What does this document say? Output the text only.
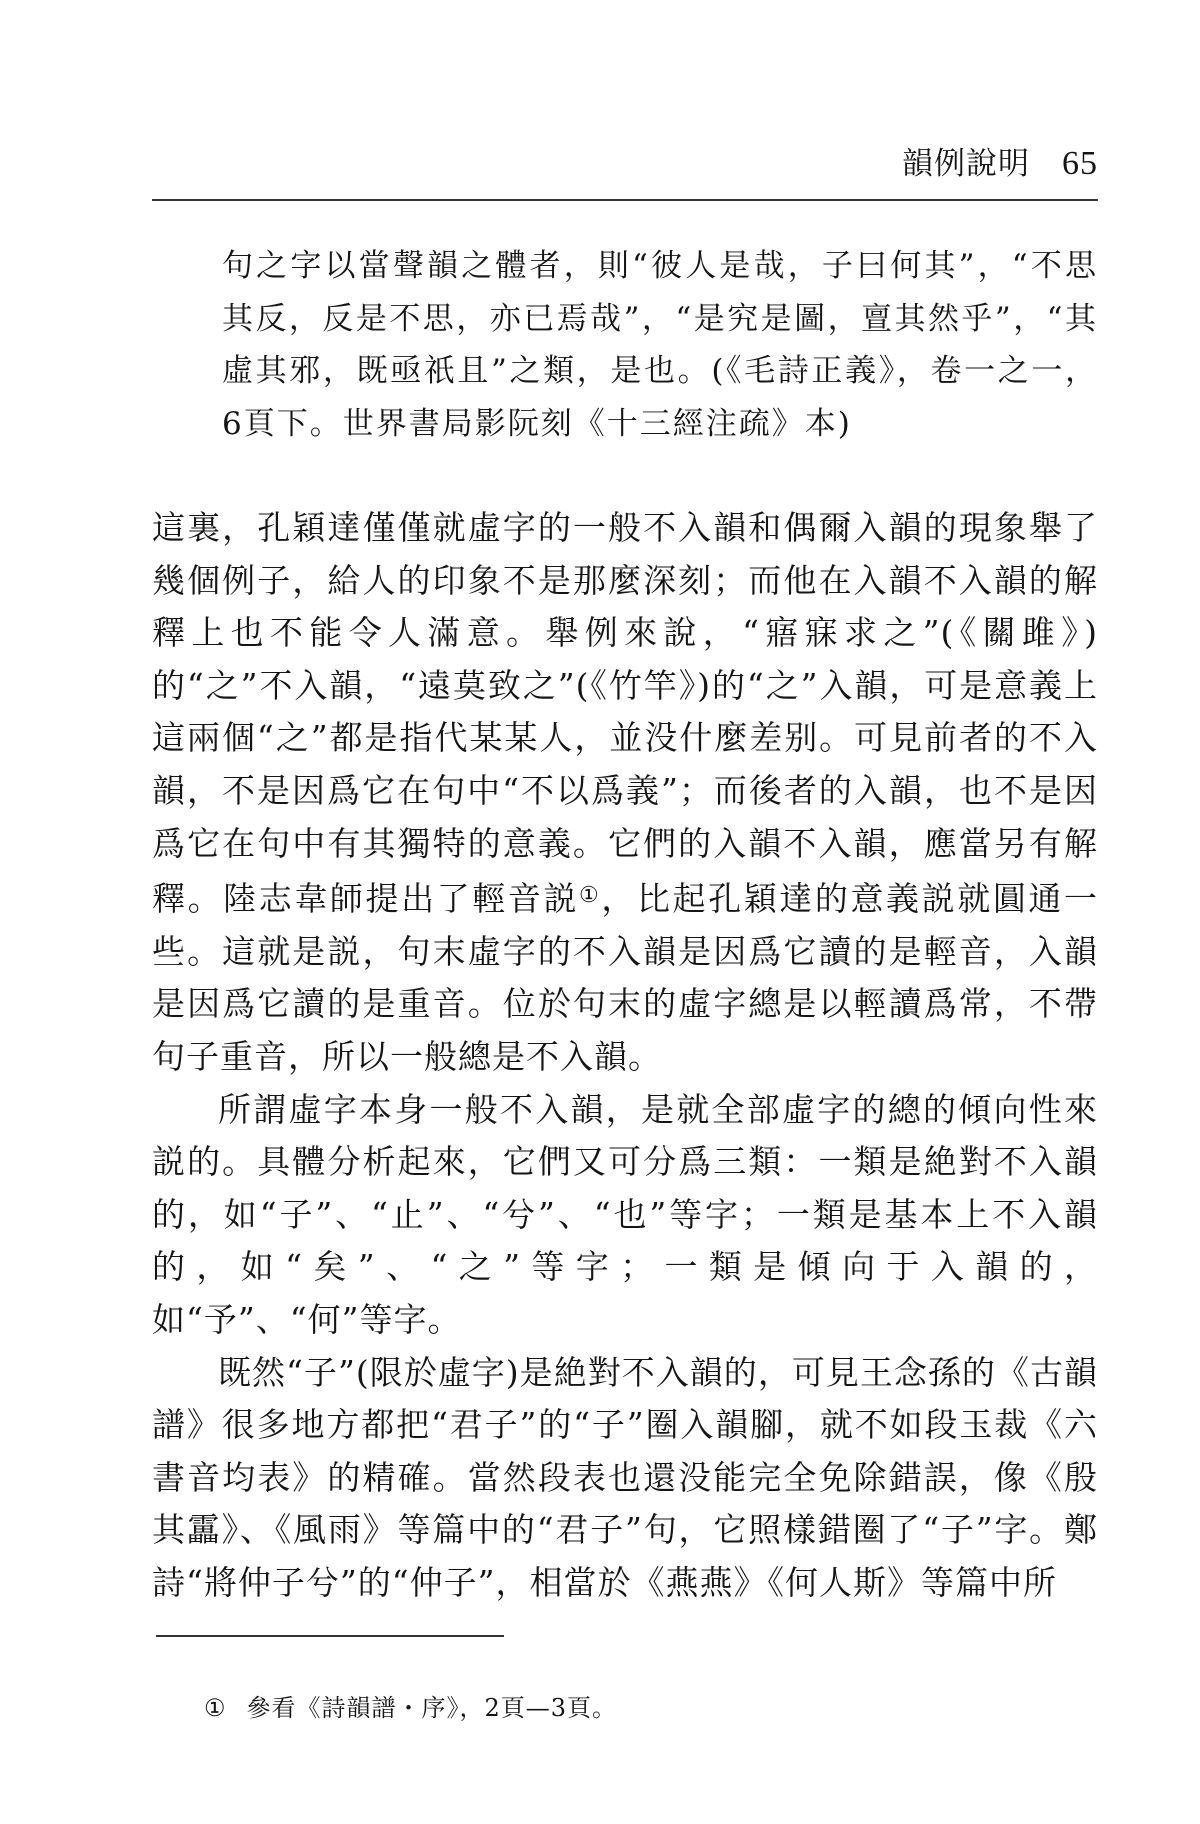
韻例說明 65
句之字以當聲韻之體者，則“彼人是哉，子曰何其”，“不思其反，反是不思，亦已焉哉”，“是究是圖，亶其然乎”，“其虛其邪，既亟祇且”之類，是也。(《毛詩正義》，卷一之一，6頁下。世界書局影阮刻《十三經注疏》本)

這裏，孔穎達僅僅就虛字的一般不入韻和偶爾入韻的現象舉了幾個例子，給人的印象不是那麼深刻；而他在入韻不入韻的解釋上也不能令人滿意。舉例來說，“寤寐求之”(《關雎》)的“之”不入韻，“遠莫致之”(《竹竿》)的“之”入韻，可是意義上這兩個“之”都是指代某某人，並没什麼差别。可見前者的不入韻，不是因爲它在句中“不以爲義”；而後者的入韻，也不是因爲它在句中有其獨特的意義。它們的入韻不入韻，應當另有解釋。陸志韋師提出了輕音説①，比起孔穎達的意義説就圓通一些。這就是説，句末虛字的不入韻是因爲它讀的是輕音，入韻是因爲它讀的是重音。位於句末的虛字總是以輕讀爲常，不帶句子重音，所以一般總是不入韻。

所謂虛字本身一般不入韻，是就全部虛字的總的傾向性來説的。具體分析起來，它們又可分爲三類：一類是絶對不入韻的，如“子”、“止”、“兮”、“也”等字；一類是基本上不入韻的，如“矣”、“之”等字；一類是傾向于入韻的，如“予”、“何”等字。

既然“子”(限於虛字)是絶對不入韻的，可見王念孫的《古韻譜》很多地方都把“君子”的“子”圈入韻腳，就不如段玉裁《六書音均表》的精確。當然段表也還没能完全免除錯誤，像《殷其靁》、《風雨》等篇中的“君子”句，它照樣錯圈了“子”字。鄭詩“將仲子兮”的“仲子”，相當於《燕燕》《何人斯》等篇中所

① 參看《詩韻譜・序》，2頁—3頁。
